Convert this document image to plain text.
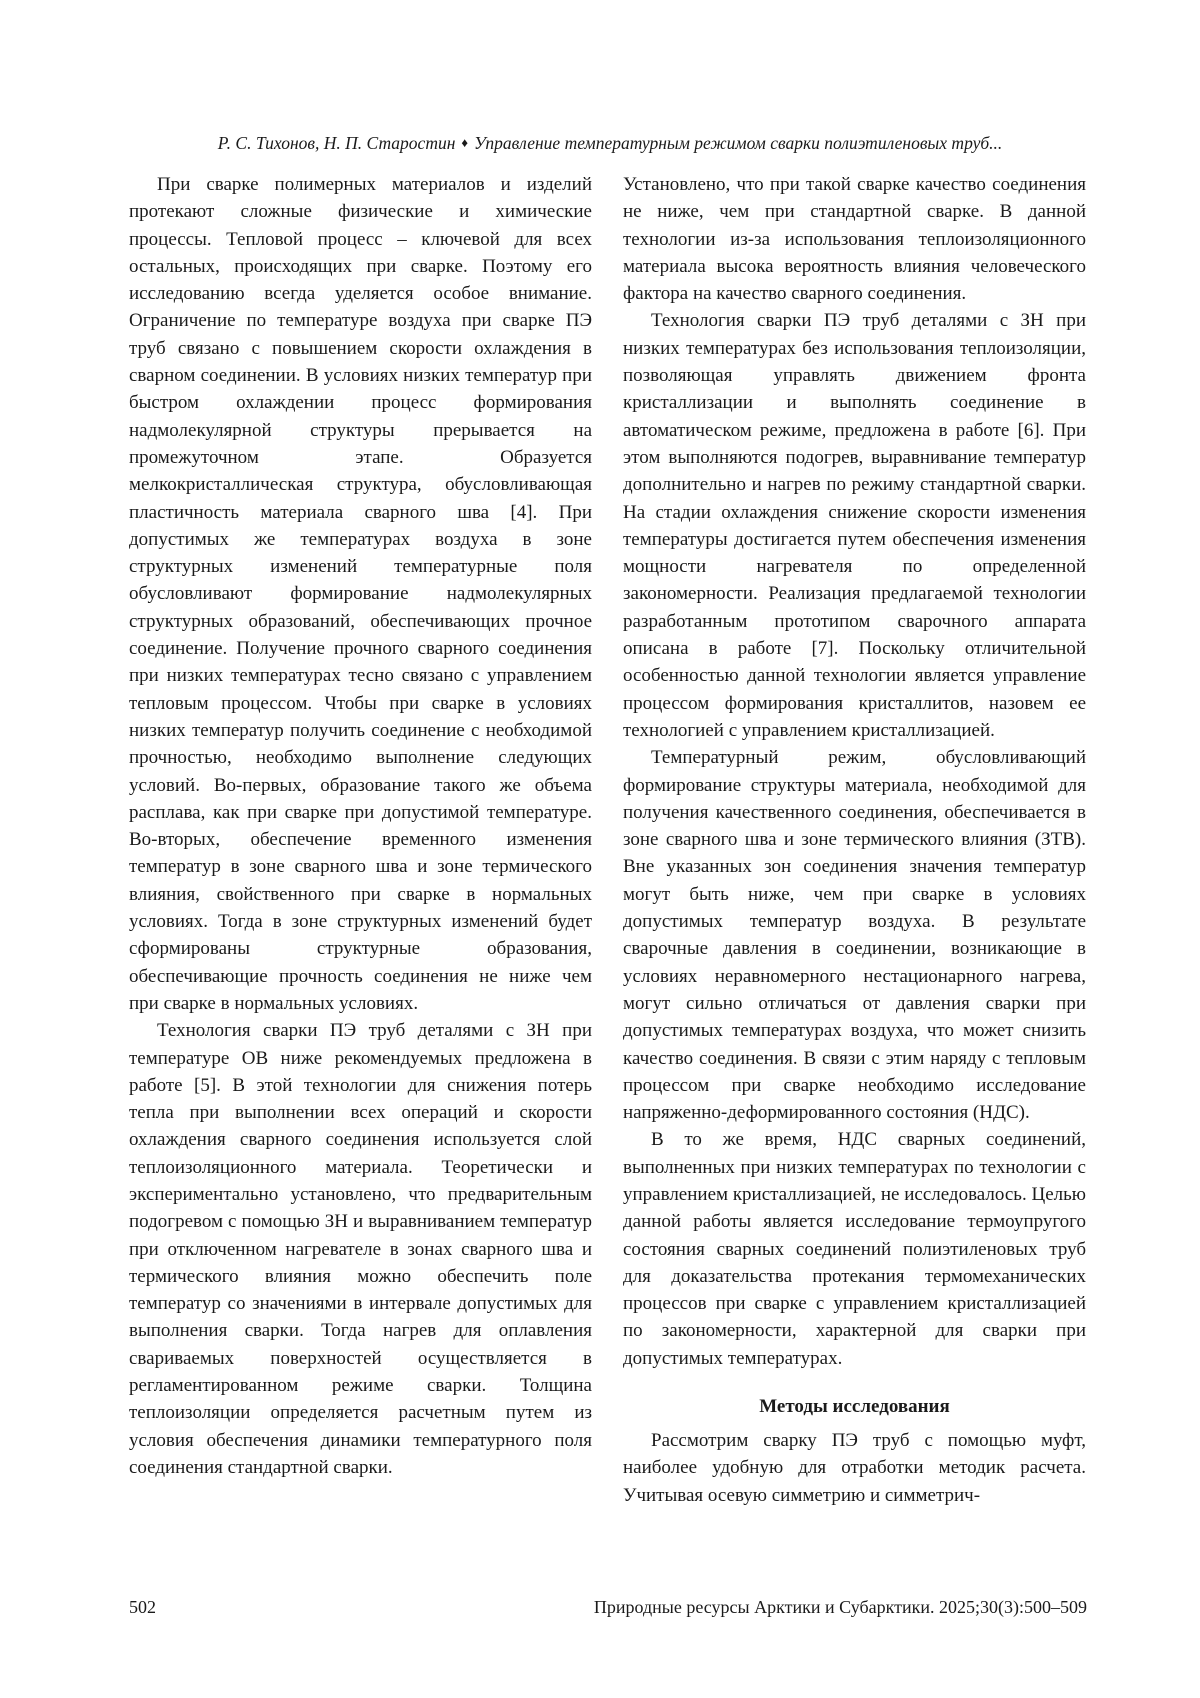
Р. С. Тихонов, Н. П. Старостин ♦ Управление температурным режимом сварки полиэтиленовых труб...

При сварке полимерных материалов и изделий протекают сложные физические и химические процессы. Тепловой процесс – ключевой для всех остальных, происходящих при сварке. Поэтому его исследованию всегда уделяется особое внимание. Ограничение по температуре воздуха при сварке ПЭ труб связано с повышением скорости охлаждения в сварном соединении. В условиях низких температур при быстром охлаждении процесс формирования надмолекулярной структуры прерывается на промежуточном этапе. Образуется мелкокристаллическая структура, обусловливающая пластичность материала сварного шва [4]. При допустимых же температурах воздуха в зоне структурных изменений температурные поля обусловливают формирование надмолекулярных структурных образований, обеспечивающих прочное соединение. Получение прочного сварного соединения при низких температурах тесно связано с управлением тепловым процессом. Чтобы при сварке в условиях низких температур получить соединение с необходимой прочностью, необходимо выполнение следующих условий. Во-первых, образование такого же объема расплава, как при сварке при допустимой температуре. Во-вторых, обеспечение временного изменения температур в зоне сварного шва и зоне термического влияния, свойственного при сварке в нормальных условиях. Тогда в зоне структурных изменений будет сформированы структурные образования, обеспечивающие прочность соединения не ниже чем при сварке в нормальных условиях.

Технология сварки ПЭ труб деталями с ЗН при температуре ОВ ниже рекомендуемых предложена в работе [5]. В этой технологии для снижения потерь тепла при выполнении всех операций и скорости охлаждения сварного соединения используется слой теплоизоляционного материала. Теоретически и экспериментально установлено, что предварительным подогревом с помощью ЗН и выравниванием температур при отключенном нагревателе в зонах сварного шва и термического влияния можно обеспечить поле температур со значениями в интервале допустимых для выполнения сварки. Тогда нагрев для оплавления свариваемых поверхностей осуществляется в регламентированном режиме сварки. Толщина теплоизоляции определяется расчетным путем из условия обеспечения динамики температурного поля соединения стандартной сварки.

Установлено, что при такой сварке качество соединения не ниже, чем при стандартной сварке. В данной технологии из-за использования теплоизоляционного материала высока вероятность влияния человеческого фактора на качество сварного соединения.

Технология сварки ПЭ труб деталями с ЗН при низких температурах без использования теплоизоляции, позволяющая управлять движением фронта кристаллизации и выполнять соединение в автоматическом режиме, предложена в работе [6]. При этом выполняются подогрев, выравнивание температур дополнительно и нагрев по режиму стандартной сварки. На стадии охлаждения снижение скорости изменения температуры достигается путем обеспечения изменения мощности нагревателя по определенной закономерности. Реализация предлагаемой технологии разработанным прототипом сварочного аппарата описана в работе [7]. Поскольку отличительной особенностью данной технологии является управление процессом формирования кристаллитов, назовем ее технологией с управлением кристаллизацией.

Температурный режим, обусловливающий формирование структуры материала, необходимой для получения качественного соединения, обеспечивается в зоне сварного шва и зоне термического влияния (ЗТВ). Вне указанных зон соединения значения температур могут быть ниже, чем при сварке в условиях допустимых температур воздуха. В результате сварочные давления в соединении, возникающие в условиях неравномерного нестационарного нагрева, могут сильно отличаться от давления сварки при допустимых температурах воздуха, что может снизить качество соединения. В связи с этим наряду с тепловым процессом при сварке необходимо исследование напряженно-деформированного состояния (НДС).

В то же время, НДС сварных соединений, выполненных при низких температурах по технологии с управлением кристаллизацией, не исследовалось. Целью данной работы является исследование термоупругого состояния сварных соединений полиэтиленовых труб для доказательства протекания термомеханических процессов при сварке с управлением кристаллизацией по закономерности, характерной для сварки при допустимых температурах.

Методы исследования

Рассмотрим сварку ПЭ труб с помощью муфт, наиболее удобную для отработки методик расчета. Учитывая осевую симметрию и симметрич-

502	Природные ресурсы Арктики и Субарктики. 2025;30(3):500–509
